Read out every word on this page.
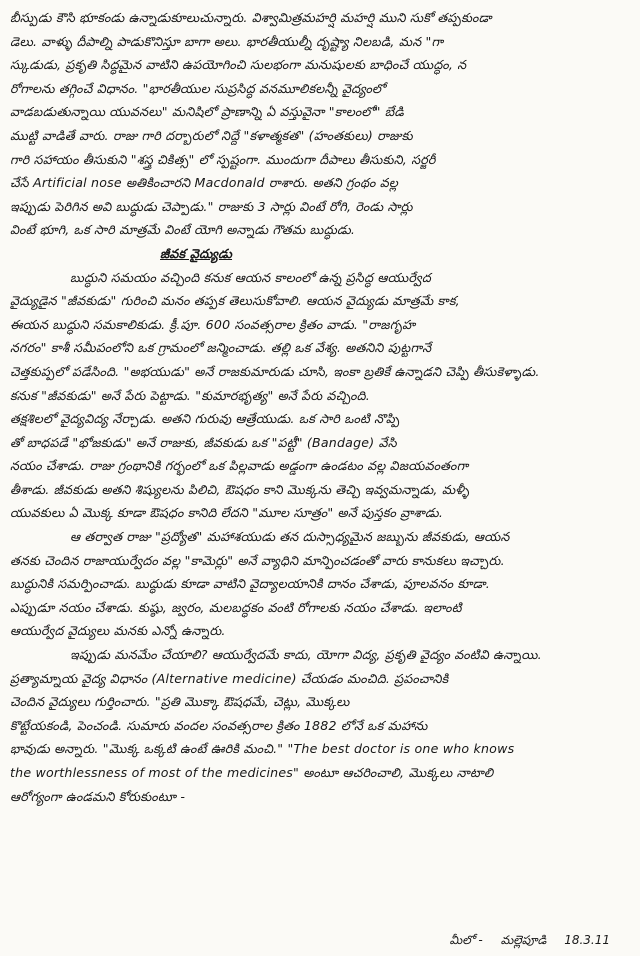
బీస్పుడు కౌసి భూకండు ఉన్నాడుకూలుచున్నారు. విశ్వామిత్రమహర్షి మహర్షి ముని సుకో తప్పకుండా
డెలు. వాళ్ళు దీపాల్ని పాడుకొనిస్తూ బాగా అలు. భారతీయుల్నీ దృష్ట్యా నిలబడి, మన "గా
స్కుడుడు, ప్రకృతి సిద్ధమైన వాటిని ఉపయోగించి సులభంగా మనుషులకు బాధించే యుద్ధం, న
రోగాలను తగ్గించే విధానం. "భారతీయుల సుప్రసిద్ధ వనమూలికలన్నీ వైద్యంలో
వాడబడుతున్నాయి యువనలు" మనిషిలో ప్రాణాన్ని ఏ వస్తువైనా "కాలంలో" బేడి
ముట్టి వాడితే వారు. రాజు గారి దర్బారులో నిద్దే "కళాత్మకత" (హంతకులు) రాజుకు
గారి సహాయం తీసుకుని "శస్త్ర చికిత్స" లో స్పష్టంగా. ముందుగా దీపాలు తీసుకుని, సర్జరీ
చేసే Artificial nose అతికించారని Macdonald రాశారు. అతని గ్రంథం వల్ల
ఇప్పుడు పెరిగిన అవి బుద్ధుడు చెప్పాడు." రాజుకు 3 సార్లు వింటే రోగి, రెండు సార్లు
వింటే భూగి, ఒక సారి మాత్రమే వింటే యోగి అన్నాడు గౌతమ బుద్ధుడు.
జీవక వైద్యుడు
బుద్ధుని సమయం వచ్చింది కనుక ఆయన కాలంలో ఉన్న ప్రసిద్ధ ఆయుర్వేద
వైద్యుడైన "జీవకుడు" గురించి మనం తప్పక తెలుసుకోవాలి. ఆయన వైద్యుడు మాత్రమే కాక,
ఈయన బుద్ధుని సమకాలికుడు. క్రీ.పూ. 600 సంవత్సరాల క్రితం వాడు. "రాజగృహ
నగరం" కాశీ సమీపంలోని ఒక గ్రామంలో జన్మించాడు. తల్లి ఒక వేశ్య. అతనిని పుట్టగానే
చెత్తకుప్పలో పడేసింది. "అభయుడు" అనే రాజకుమారుడు చూసి, ఇంకా బ్రతికే ఉన్నాడని చెప్పి తీసుకెళ్ళాడు.
కనుక "జీవకుడు" అనే పేరు పెట్టాడు. "కుమారభృత్య" అనే పేరు వచ్చింది.
తక్షశిలలో వైద్యవిద్య నేర్చాడు. అతని గురువు ఆత్రేయుడు. ఒక సారి ఒంటి నొప్పి
తో బాధపడే "భోజకుడు" అనే రాజుకు, జీవకుడు ఒక "పట్టీ" (Bandage) వేసి
నయం చేశాడు. రాజు గ్రంథానికి గర్భంలో ఒక పిల్లవాడు అడ్డంగా ఉండటం వల్ల విజయవంతంగా
తీశాడు. జీవకుడు అతని శిష్యులను పిలిచి, ఔషధం కాని మొక్కను తెచ్చి ఇవ్వమన్నాడు, మళ్ళీ
యువకులు ఏ మొక్క కూడా ఔషధం కానిది లేదని "మూల సూత్రం" అనే పుస్తకం వ్రాశాడు.
ఆ తర్వాత రాజు "ప్రద్యోత" మహాశయుడు తన దుస్సాధ్యమైన జబ్బును జీవకుడు, ఆయన
తనకు చెందిన రాజాయుర్వేదం వల్ల "కామెర్లు" అనే వ్యాధిని మాన్పించడంతో వారు కానుకలు ఇచ్చారు.
బుద్ధునికి సమర్పించాడు. బుద్ధుడు కూడా వాటిని వైద్యాలయానికి దానం చేశాడు, పూలవనం కూడా.
ఎప్పుడూ నయం చేశాడు. కుష్ఠు, జ్వరం, మలబద్ధకం వంటి రోగాలకు నయం చేశాడు. ఇలాంటి
ఆయుర్వేద వైద్యులు మనకు ఎన్నో ఉన్నారు.
ఇప్పుడు మనమేం చేయాలి? ఆయుర్వేదమే కాదు, యోగా విద్య, ప్రకృతి వైద్యం వంటివి ఉన్నాయి.
ప్రత్యామ్నాయ వైద్య విధానం (Alternative medicine) చేయడం మంచిది. ప్రపంచానికి
చెందిన వైద్యులు గుర్తించారు. "ప్రతి మొక్కా ఔషధమే, చెట్లు, మొక్కలు
కొట్టేయకండి, పెంచండి. సుమారు వందల సంవత్సరాల క్రితం 1882 లోనే ఒక మహాను
భావుడు అన్నారు. "మొక్క ఒక్కటి ఉంటే ఊరికి మంచి." "The best doctor is one who knows
the worthlessness of most of the medicines" అంటూ ఆచరించాలి, మొక్కలు నాటాలి
ఆరోగ్యంగా ఉండమని కోరుకుంటూ -
మీలో - మల్లెపూడి 18.3.11
